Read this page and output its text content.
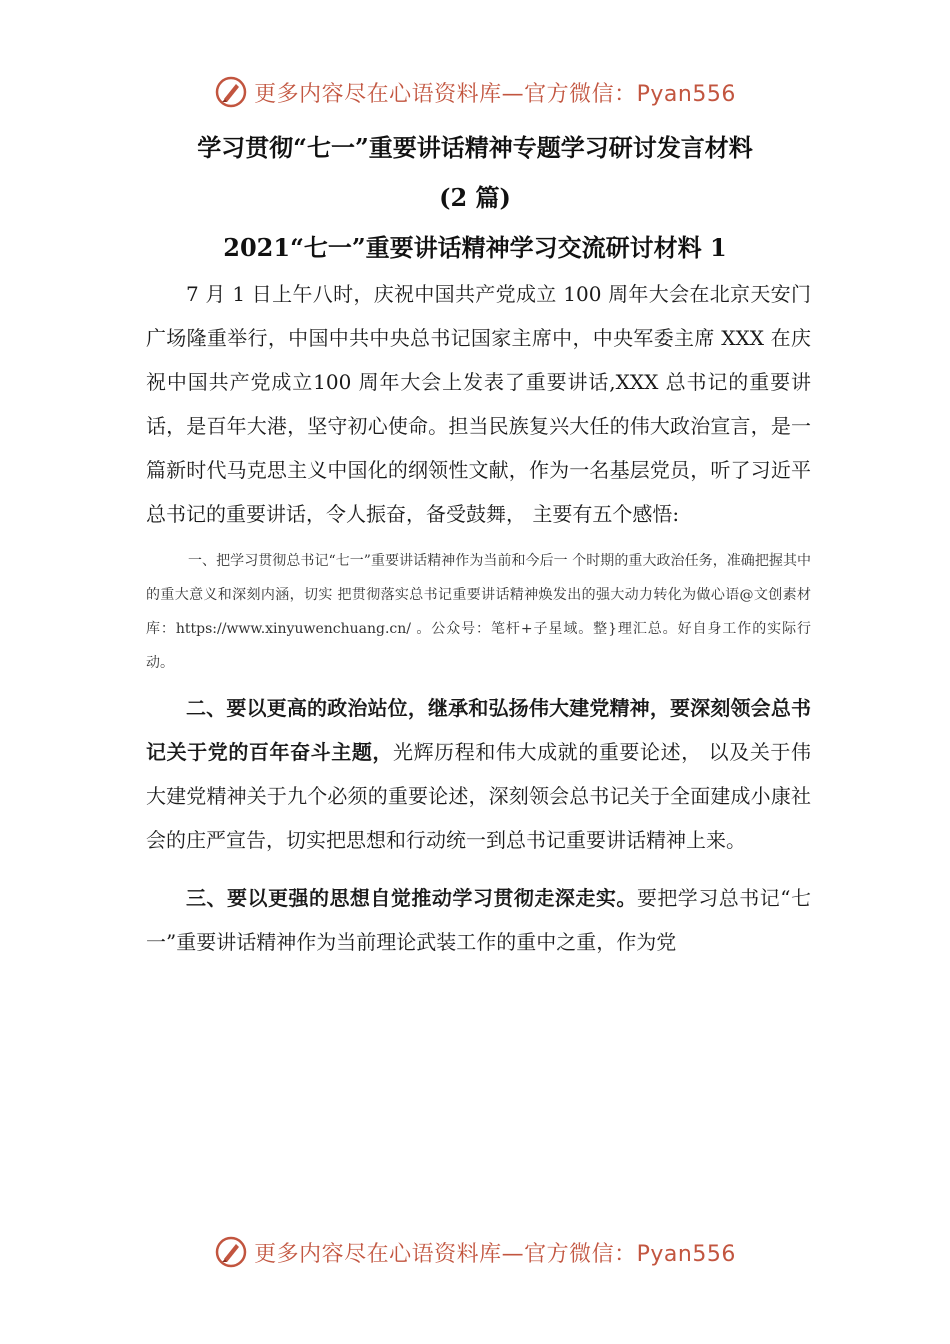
更多内容尽在心语资料库—官方微信：Pyan556
学习贯彻“七一”重要讲话精神专题学习研讨发言材料
(2 篇)
2021“七一”重要讲话精神学习交流研讨材料 1

7 月 1 日上午八时，庆祝中国共产党成立 100 周年大会在北京天安门广场隆重举行，中国中共中央总书记国家主席中，中央军委主席 XXX 在庆祝中国共产党成立100 周年大会上发表了重要讲话,XXX 总书记的重要讲话，是百年大港，坚守初心使命。担当民族复兴大任的伟大政治宣言，是一篇新时代马克思主义中国化的纲领性文献，作为一名基层党员，听了习近平总书记的重要讲话，令人振奋，备受鼓舞， 主要有五个感悟:

一、把学习贯彻总书记“七一”重要讲话精神作为当前和今后一 个时期的重大政治任务，准确把握其中的重大意义和深刻内涵，切实 把贯彻落实总书记重要讲话精神焕发出的强大动力转化为做心语@文创素材库：https://www.xinyuwenchuang.cn/ 。公众号：笔杆+子星域。整}理汇总。好自身工作的实际行动。

二、要以更高的政治站位，继承和弘扬伟大建党精神，要深刻领会总书记关于党的百年奋斗主题，光辉历程和伟大成就的重要论述， 以及关于伟大建党精神关于九个必须的重要论述，深刻领会总书记关于全面建成小康社会的庄严宣告，切实把思想和行动统一到总书记重要讲话精神上来。

三、要以更强的思想自觉推动学习贯彻走深走实。要把学习总书记“七一”重要讲话精神作为当前理论武装工作的重中之重，作为党

更多内容尽在心语资料库—官方微信：Pyan556
